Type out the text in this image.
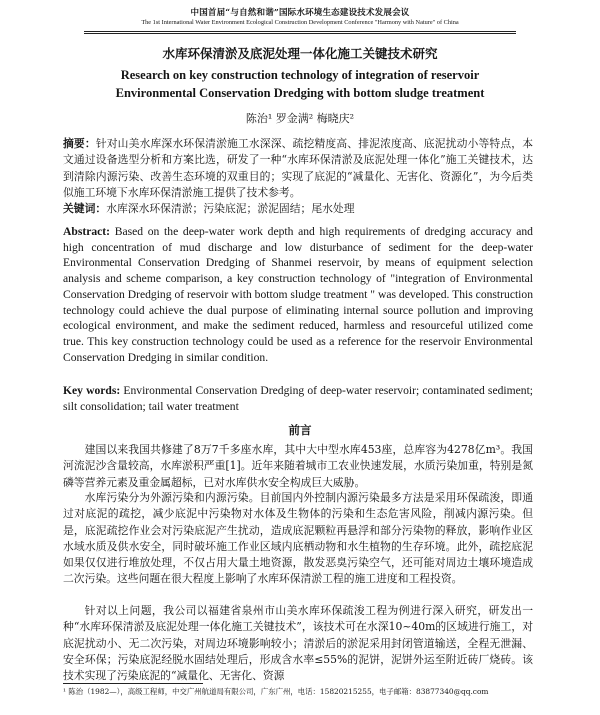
中国首届“与自然和谐”国际水环境生态建设技术发展会议
The 1st International Water Environment Ecological Construction Development Conference "Harmony with Nature" of China
水库环保清淤及底泥处理一体化施工关键技术研究
Research on key construction technology of integration of reservoir
Environmental Conservation Dredging with bottom sludge treatment
陈治¹ 罗金满² 梅晓庆²
摘要：针对山美水库深水环保清淤施工水深深、疏挖精度高、排泥浓度高、底泥扰动小等特点，本文通过设备选型分析和方案比选，研发了一种“水库环保清淤及底泥处理一体化”施工关键技术，达到清除内源污染、改善生态环境的双重目的；实现了底泥的“减量化、无害化、资源化”，为今后类似施工环境下水库环保清淤施工提供了技术参考。
关键词：水库深水环保清淤；污染底泥；淤泥固结；尾水处理
Abstract: Based on the deep-water work depth and high requirements of dredging accuracy and high concentration of mud discharge and low disturbance of sediment for the deep-water Environmental Conservation Dredging of Shanmei reservoir, by means of equipment selection analysis and scheme comparison, a key construction technology of "integration of Environmental Conservation Dredging of reservoir with bottom sludge treatment " was developed. This construction technology could achieve the dual purpose of eliminating internal source pollution and improving ecological environment, and make the sediment reduced, harmless and resourceful utilized come true. This key construction technology could be used as a reference for the reservoir Environmental Conservation Dredging in similar condition.
Key words: Environmental Conservation Dredging of deep-water reservoir; contaminated sediment; silt consolidation; tail water treatment
前言
建国以来我国共修建了8万7千多座水库，其中大中型水库453座，总库容为4278亿m³。我国河流泥沙含量较高，水库淤积严重[1]。近年来随着城市工农业快速发展，水质污染加重，特别是氮磷等营养元素及重金属超标，已对水库供水安全构成巨大威胁。
水库污染分为外源污染和内源污染。目前国内外控制内源污染最多方法是采用环保疏浚，即通过对底泥的疏挖，减少底泥中污染物对水体及生物体的污染和生态危害风险，削减内源污染。但是，底泥疏挖作业会对污染底泥产生扰动，造成底泥颗粒再悬浮和部分污染物的释放，影响作业区水域水质及供水安全，同时破坏施工作业区域内底栖动物和水生植物的生存环境。此外，疏挖底泥如果仅仅进行堆放处理，不仅占用大量土地资源，散发恶臭污染空气，还可能对周边土壤环境造成二次污染。这些问题在很大程度上影响了水库环保清淤工程的施工进度和工程投资。
针对以上问题，我公司以福建省泉州市山美水库环保疏浚工程为例进行深入研究，研发出一种“水库环保清淤及底泥处理一体化施工关键技术”，该技术可在水深10~40m的区域进行施工，对底泥扰动小、无二次污染，对周边环境影响较小；清淤后的淤泥采用封闭管道输送，全程无泄漏、安全环保；污染底泥经脱水固结处理后，形成含水率≤55%的泥饼，泥饼外运至附近砖厂烧砖。该技术实现了污染底泥的“减量化、无害化、资源
¹ 陈治（1982—），高级工程师，中交广州航道局有限公司，广东广州，电话：15820215255，电子邮箱：83877340@qq.com
